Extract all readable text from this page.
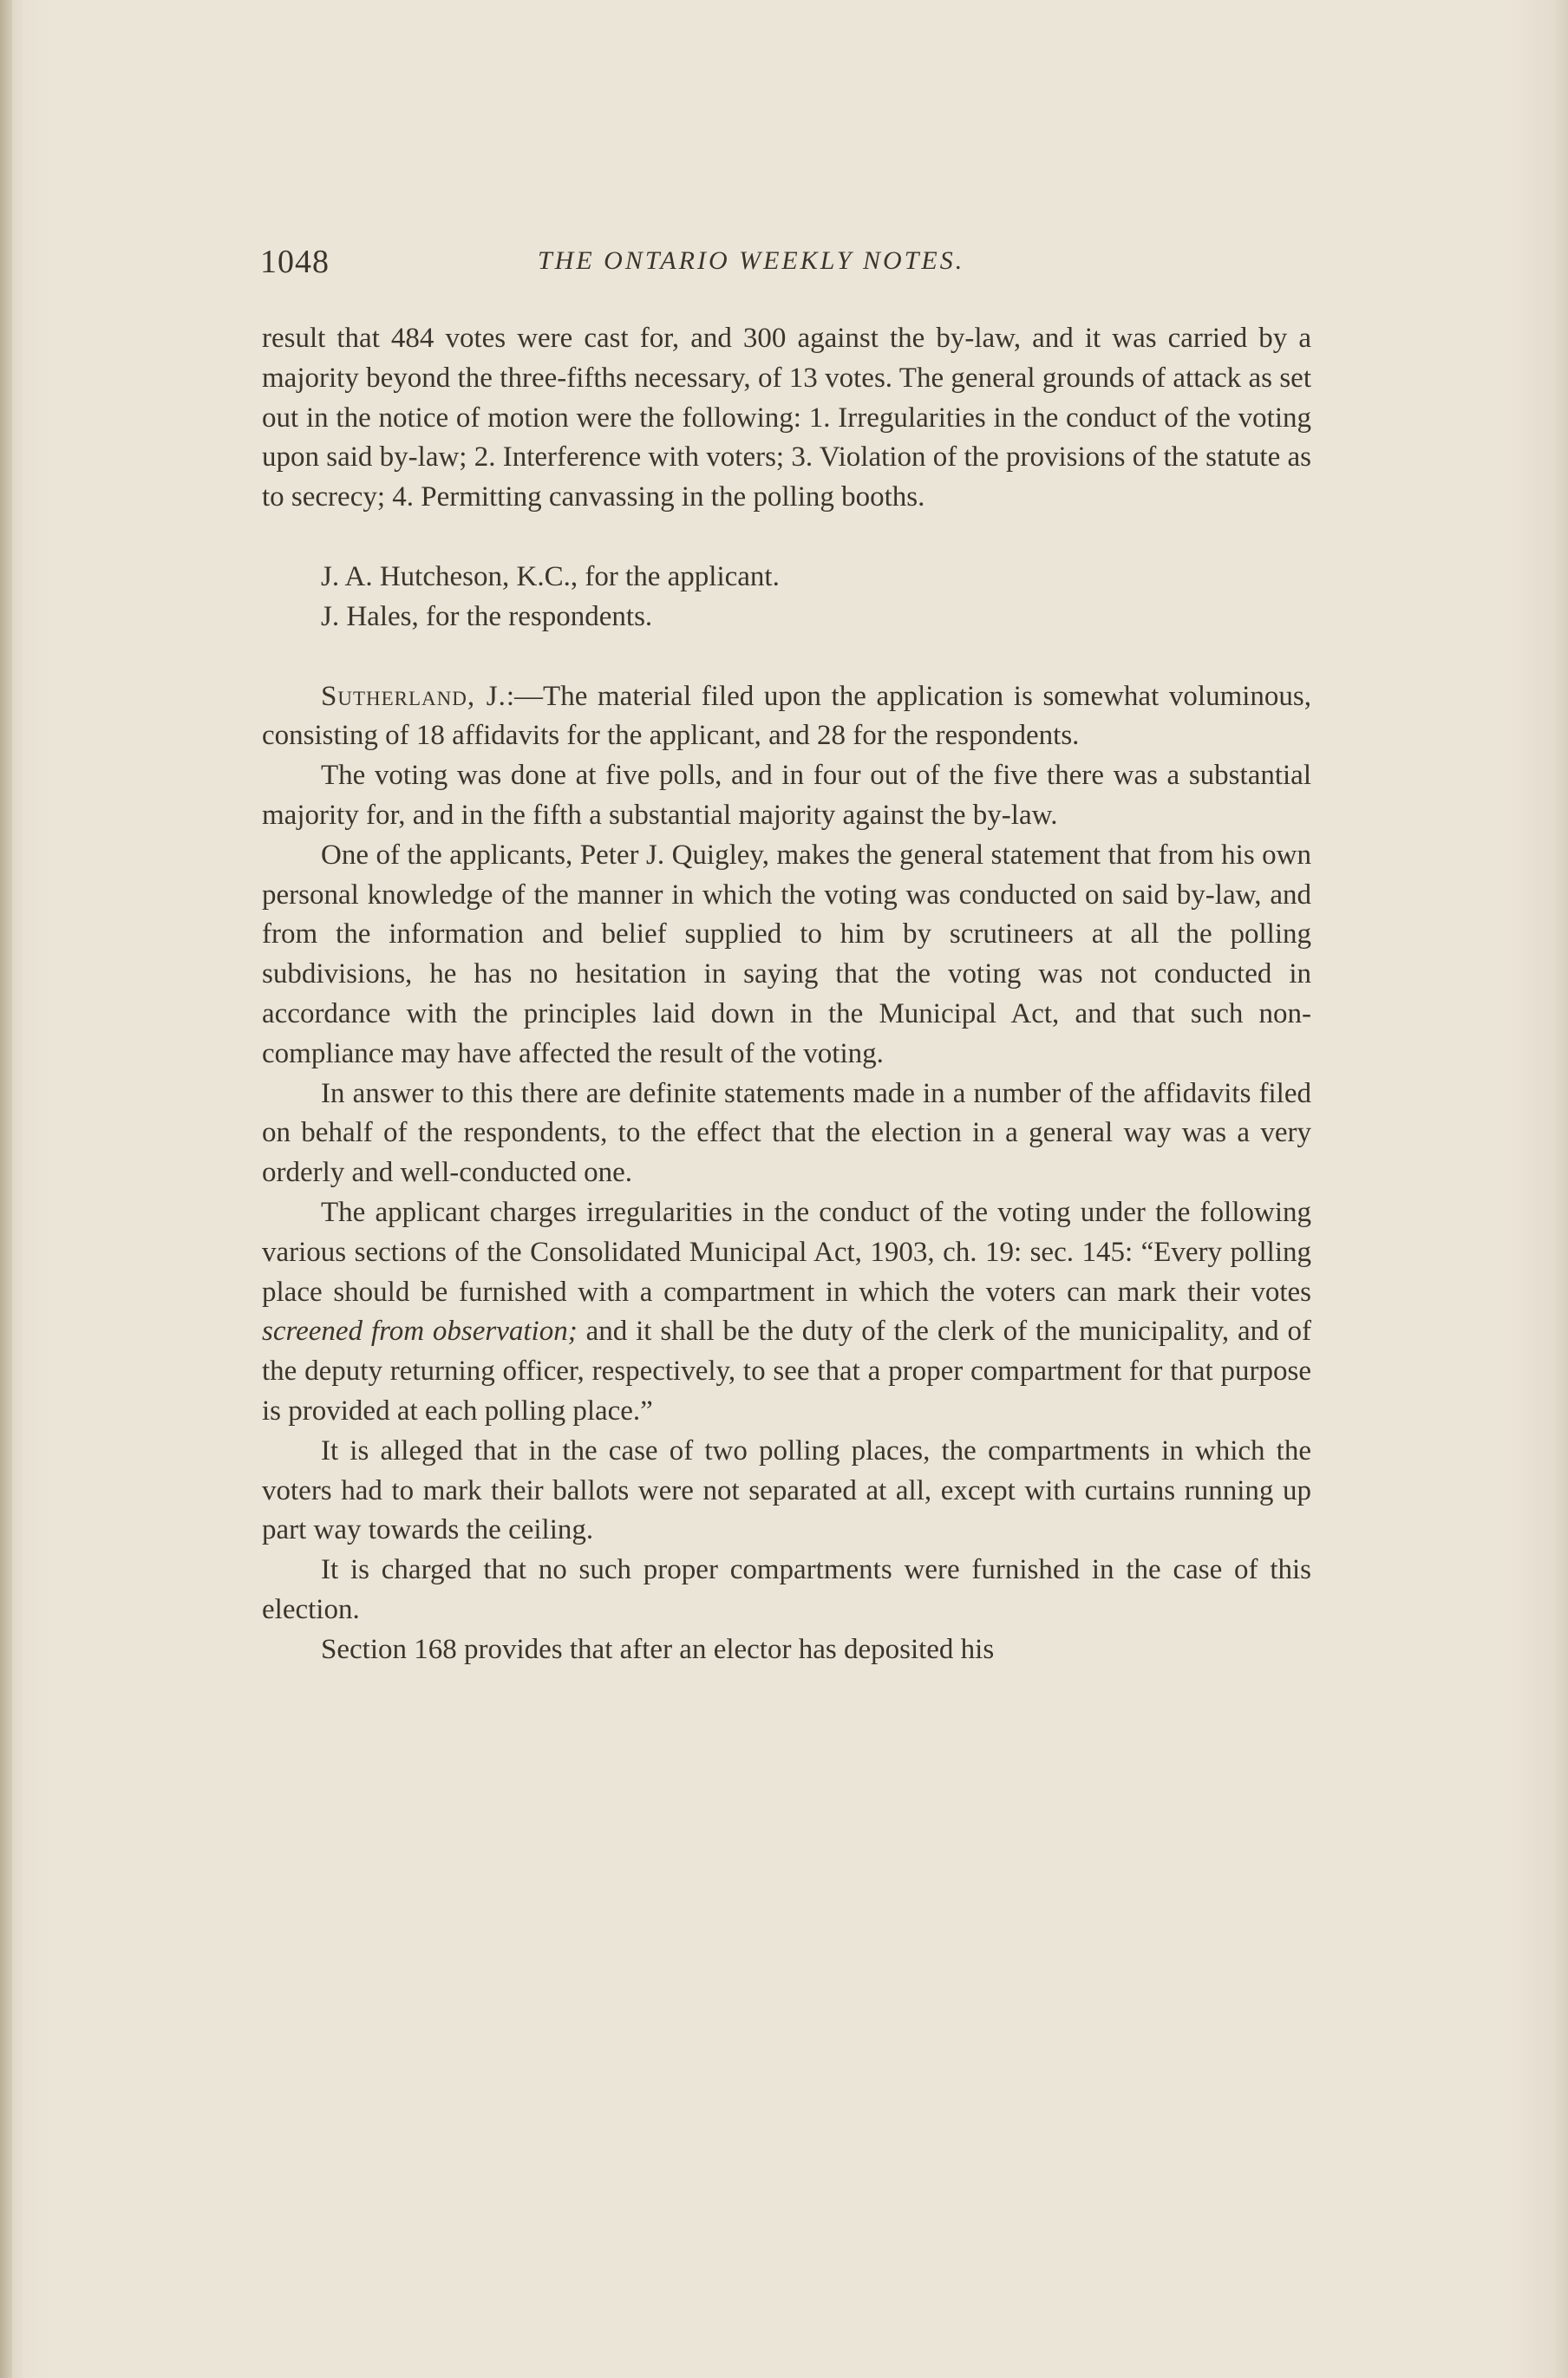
1048	THE ONTARIO WEEKLY NOTES.

result that 484 votes were cast for, and 300 against the by-law, and it was carried by a majority beyond the three-fifths necessary, of 13 votes. The general grounds of attack as set out in the notice of motion were the following: 1. Irregularities in the conduct of the voting upon said by-law; 2. Interference with voters; 3. Violation of the provisions of the statute as to secrecy; 4. Permitting canvassing in the polling booths.

J. A. Hutcheson, K.C., for the applicant.

J. Hales, for the respondents.

Sutherland, J.:—The material filed upon the application is somewhat voluminous, consisting of 18 affidavits for the applicant, and 28 for the respondents.

The voting was done at five polls, and in four out of the five there was a substantial majority for, and in the fifth a substantial majority against the by-law.

One of the applicants, Peter J. Quigley, makes the general statement that from his own personal knowledge of the manner in which the voting was conducted on said by-law, and from the information and belief supplied to him by scrutineers at all the polling subdivisions, he has no hesitation in saying that the voting was not conducted in accordance with the principles laid down in the Municipal Act, and that such non-compliance may have affected the result of the voting.

In answer to this there are definite statements made in a number of the affidavits filed on behalf of the respondents, to the effect that the election in a general way was a very orderly and well-conducted one.

The applicant charges irregularities in the conduct of the voting under the following various sections of the Consolidated Municipal Act, 1903, ch. 19: sec. 145: “Every polling place should be furnished with a compartment in which the voters can mark their votes screened from observation; and it shall be the duty of the clerk of the municipality, and of the deputy returning officer, respectively, to see that a proper compartment for that purpose is provided at each polling place.”

It is alleged that in the case of two polling places, the compartments in which the voters had to mark their ballots were not separated at all, except with curtains running up part way towards the ceiling.

It is charged that no such proper compartments were furnished in the case of this election.

Section 168 provides that after an elector has deposited his
